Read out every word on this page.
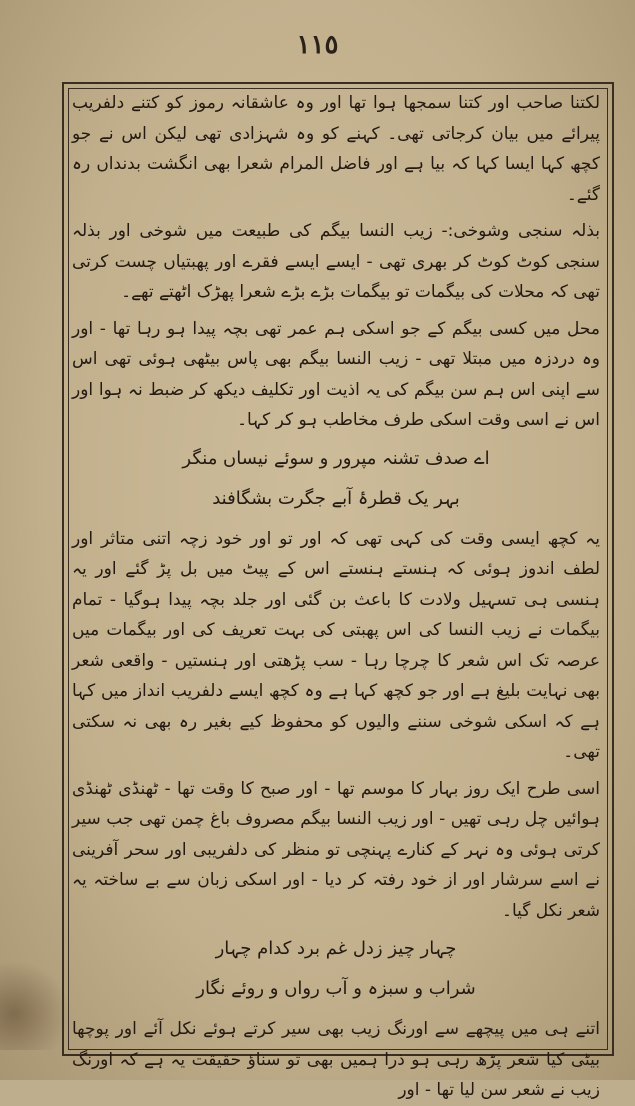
١١٥

لکتنا صاحب اور کتنا سمجھا ہوا تھا اور وہ عاشقانہ رموز کو کتنے دلفریب پیرائے میں بیان کرجاتی تھی۔ کہنے کو وہ شہزادی تھی لیکن اس نے جو کچھ کہا ایسا کہا کہ بیا ہے اور فاضل المرام شعرا بھی انگشت بدنداں رہ گئے۔

بذلہ سنجی وشوخی:- زیب النسا بیگم کی طبیعت میں شوخی اور بذلہ سنجی کوٹ کوٹ کر بھری تھی - ایسے ایسے فقرے اور پھبتیاں چست کرتی تھی کہ محلات کی بیگمات تو بیگمات بڑے بڑے شعرا پھڑک اٹھتے تھے۔

محل میں کسی بیگم کے جو اسکی ہم عمر تھی بچہ پیدا ہو رہا تھا - اور وہ دردزہ میں مبتلا تھی - زیب النسا بیگم بھی پاس بیٹھی ہوئی تھی اس سے اپنی اس ہم سن بیگم کی یہ اذیت اور تکلیف دیکھ کر ضبط نہ ہوا اور اس نے اسی وقت اسکی طرف مخاطب ہو کر کہا۔

اے صدف تشنہ مپرور و سوئے نیساں منگر

بہر یک قطرۂ آبے جگرت بشگافند

یہ کچھ ایسی وقت کی کہی تھی کہ اور تو اور خود زچہ اتنی متاثر اور لطف اندوز ہوئی کہ ہنستے ہنستے اس کے پیٹ میں بل پڑ گئے اور یہ ہنسی ہی تسہیل ولادت کا باعث بن گئی اور جلد بچہ پیدا ہوگیا - تمام بیگمات نے زیب النسا کی اس پھبتی کی بہت تعریف کی اور بیگمات میں عرصہ تک اس شعر کا چرچا رہا - سب پڑھتی اور ہنستیں - واقعی شعر بھی نہایت بلیغ ہے اور جو کچھ کہا ہے وہ کچھ ایسے دلفریب انداز میں کہا ہے کہ اسکی شوخی سننے والیوں کو محفوظ کیے بغیر رہ بھی نہ سکتی تھی۔

اسی طرح ایک روز بہار کا موسم تھا - اور صبح کا وقت تھا - ٹھنڈی ٹھنڈی ہوائیں چل رہی تھیں - اور زیب النسا بیگم مصروف باغ چمن تھی جب سیر کرتی ہوئی وہ نہر کے کنارے پہنچی تو منظر کی دلفریبی اور سحر آفرینی نے اسے سرشار اور از خود رفتہ کر دیا - اور اسکی زبان سے بے ساختہ یہ شعر نکل گیا۔

چہار چیز زدل غم برد کدام چہار

شراب و سبزہ و آب رواں و روئے نگار

اتنے ہی میں پیچھے سے اورنگ زیب بھی سیر کرتے ہوئے نکل آئے اور پوچھا بیٹی کیا شعر پڑھ رہی ہو ذرا ہمیں بھی تو سناؤ حقیقت یہ ہے کہ اورنگ زیب نے شعر سن لیا تھا - اور
